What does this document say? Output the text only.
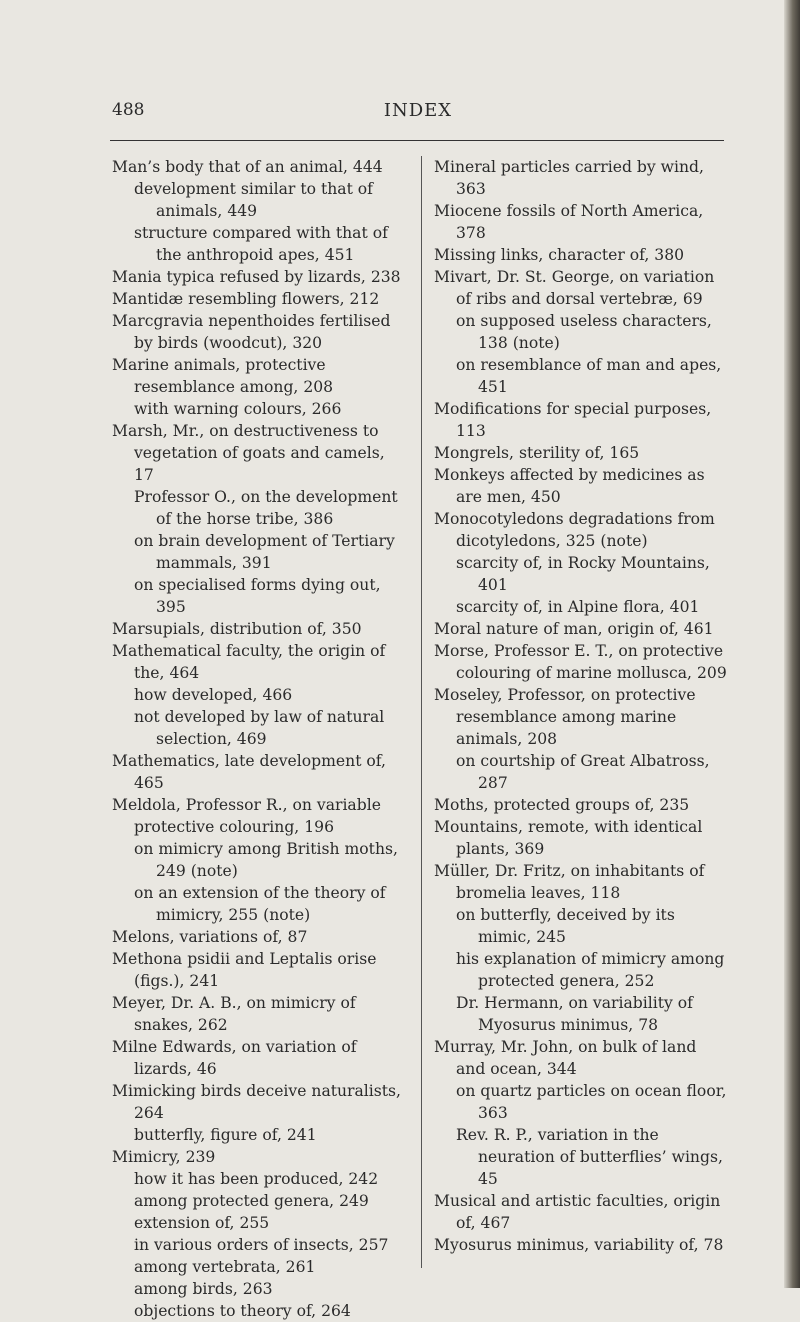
488	INDEX

Man’s body that of an animal, 444

development similar to that of animals, 449

structure compared with that of the anthropoid apes, 451

Mania typica refused by lizards, 238

Mantidæ resembling flowers, 212

Marcgravia nepenthoides fertilised by birds (woodcut), 320

Marine animals, protective resemblance among, 208

with warning colours, 266

Marsh, Mr., on destructiveness to vegetation of goats and camels, 17

Professor O., on the development of the horse tribe, 386

on brain development of Tertiary mammals, 391

on specialised forms dying out, 395

Marsupials, distribution of, 350

Mathematical faculty, the origin of the, 464

how developed, 466

not developed by law of natural selection, 469

Mathematics, late development of, 465

Meldola, Professor R., on variable protective colouring, 196

on mimicry among British moths, 249 (note)

on an extension of the theory of mimicry, 255 (note)

Melons, variations of, 87

Methona psidii and Leptalis orise (figs.), 241

Meyer, Dr. A. B., on mimicry of snakes, 262

Milne Edwards, on variation of lizards, 46

Mimicking birds deceive naturalists, 264

butterfly, figure of, 241

Mimicry, 239

how it has been produced, 242

among protected genera, 249

extension of, 255

in various orders of insects, 257

among vertebrata, 261

among birds, 263

objections to theory of, 264

Mineral particles carried by wind, 363

Miocene fossils of North America, 378

Missing links, character of, 380

Mivart, Dr. St. George, on variation of ribs and dorsal vertebræ, 69

on supposed useless characters, 138 (note)

on resemblance of man and apes, 451

Modifications for special purposes, 113

Mongrels, sterility of, 165

Monkeys affected by medicines as are men, 450

Monocotyledons degradations from dicotyledons, 325 (note)

scarcity of, in Rocky Mountains, 401

scarcity of, in Alpine flora, 401

Moral nature of man, origin of, 461

Morse, Professor E. T., on protective colouring of marine mollusca, 209

Moseley, Professor, on protective resemblance among marine animals, 208

on courtship of Great Albatross, 287

Moths, protected groups of, 235

Mountains, remote, with identical plants, 369

Müller, Dr. Fritz, on inhabitants of bromelia leaves, 118

on butterfly, deceived by its mimic, 245

his explanation of mimicry among protected genera, 252

Dr. Hermann, on variability of Myosurus minimus, 78

Murray, Mr. John, on bulk of land and ocean, 344

on quartz particles on ocean floor, 363

Rev. R. P., variation in the neuration of butterflies’ wings, 45

Musical and artistic faculties, origin of, 467

Myosurus minimus, variability of, 78
